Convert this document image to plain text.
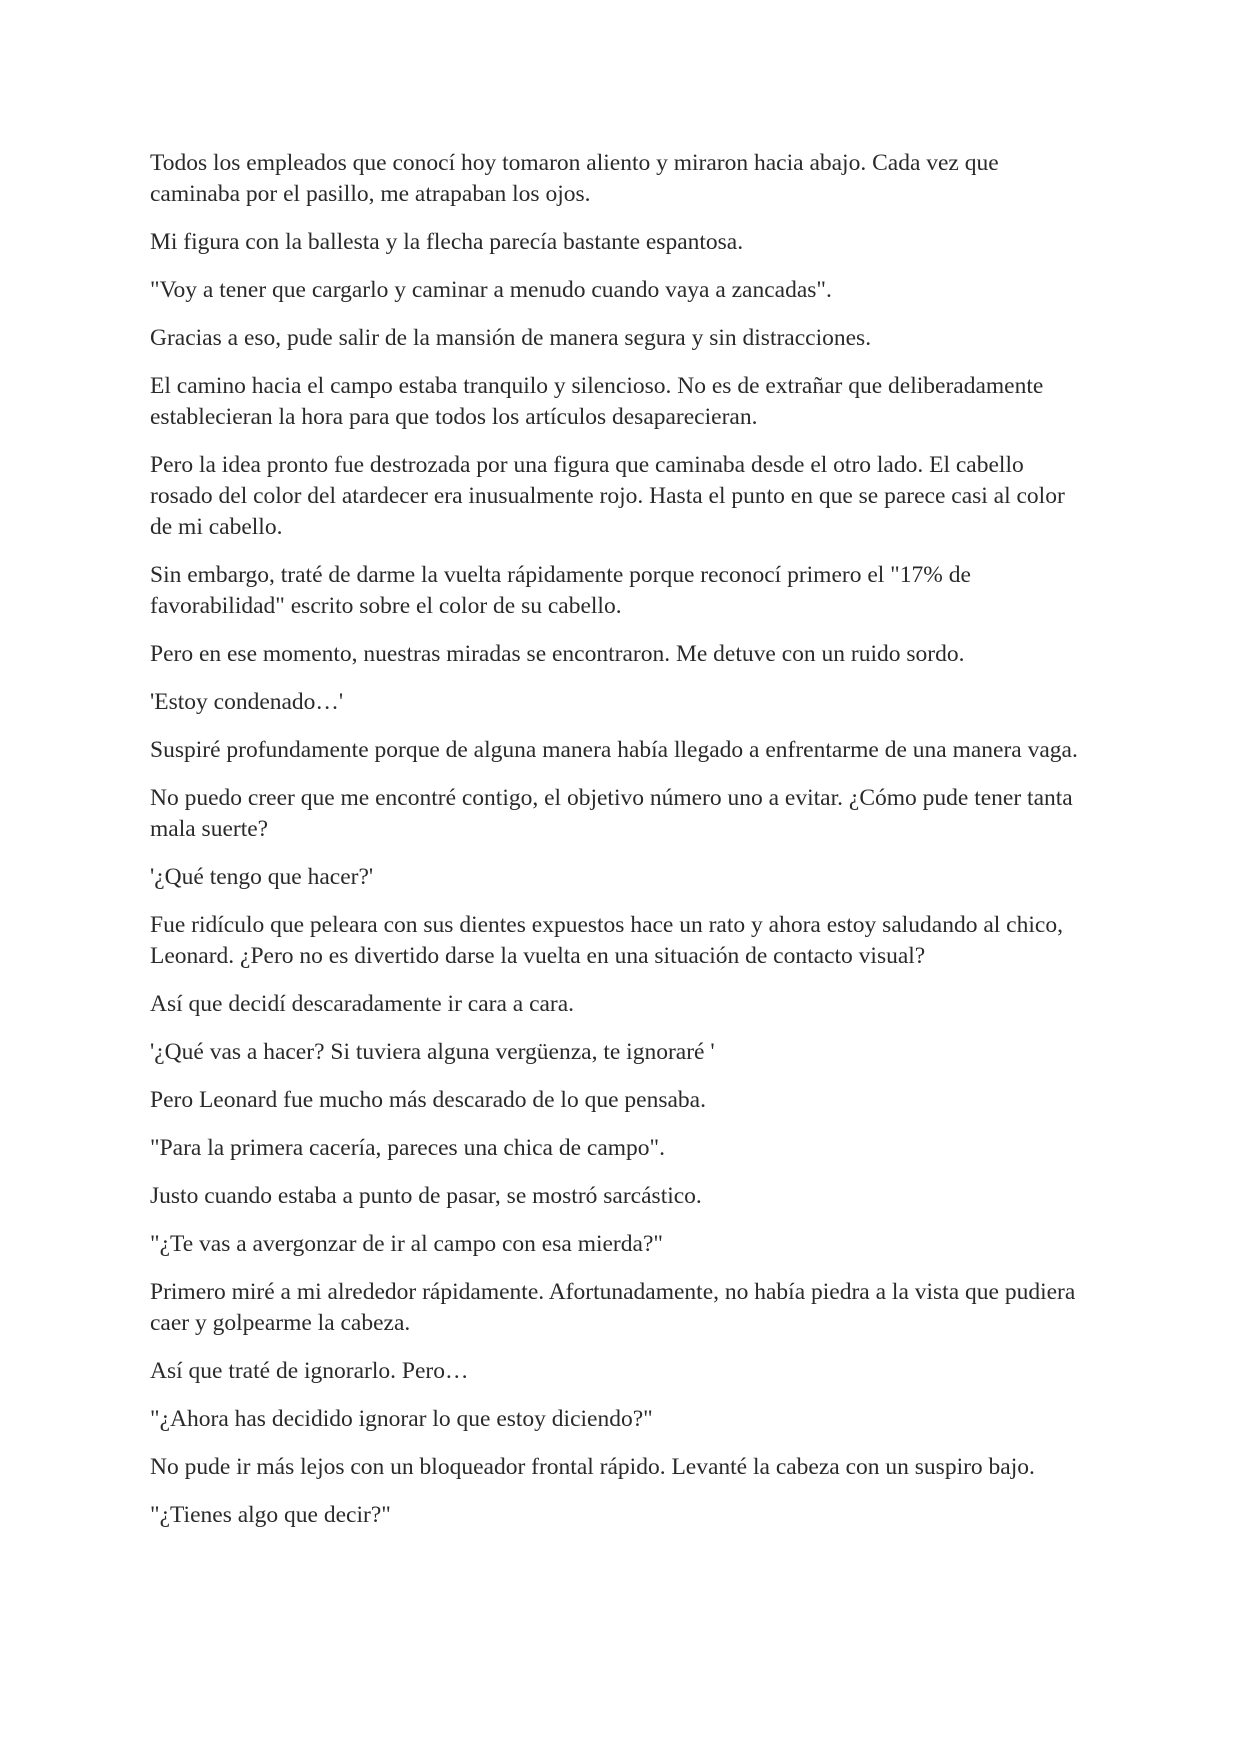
Todos los empleados que conocí hoy tomaron aliento y miraron hacia abajo. Cada vez que caminaba por el pasillo, me atrapaban los ojos.

Mi figura con la ballesta y la flecha parecía bastante espantosa.

"Voy a tener que cargarlo y caminar a menudo cuando vaya a zancadas".

Gracias a eso, pude salir de la mansión de manera segura y sin distracciones.

El camino hacia el campo estaba tranquilo y silencioso. No es de extrañar que deliberadamente establecieran la hora para que todos los artículos desaparecieran.

Pero la idea pronto fue destrozada por una figura que caminaba desde el otro lado. El cabello rosado del color del atardecer era inusualmente rojo. Hasta el punto en que se parece casi al color de mi cabello.

Sin embargo, traté de darme la vuelta rápidamente porque reconocí primero el "17% de favorabilidad" escrito sobre el color de su cabello.

Pero en ese momento, nuestras miradas se encontraron. Me detuve con un ruido sordo.

'Estoy condenado…'

Suspiré profundamente porque de alguna manera había llegado a enfrentarme de una manera vaga.

No puedo creer que me encontré contigo, el objetivo número uno a evitar. ¿Cómo pude tener tanta mala suerte?

'¿Qué tengo que hacer?'

Fue ridículo que peleara con sus dientes expuestos hace un rato y ahora estoy saludando al chico, Leonard. ¿Pero no es divertido darse la vuelta en una situación de contacto visual?

Así que decidí descaradamente ir cara a cara.

'¿Qué vas a hacer? Si tuviera alguna vergüenza, te ignoraré '

Pero Leonard fue mucho más descarado de lo que pensaba.

"Para la primera cacería, pareces una chica de campo".

Justo cuando estaba a punto de pasar, se mostró sarcástico.

"¿Te vas a avergonzar de ir al campo con esa mierda?"

Primero miré a mi alrededor rápidamente. Afortunadamente, no había piedra a la vista que pudiera caer y golpearme la cabeza.

Así que traté de ignorarlo. Pero…

"¿Ahora has decidido ignorar lo que estoy diciendo?"

No pude ir más lejos con un bloqueador frontal rápido. Levanté la cabeza con un suspiro bajo.

"¿Tienes algo que decir?"
